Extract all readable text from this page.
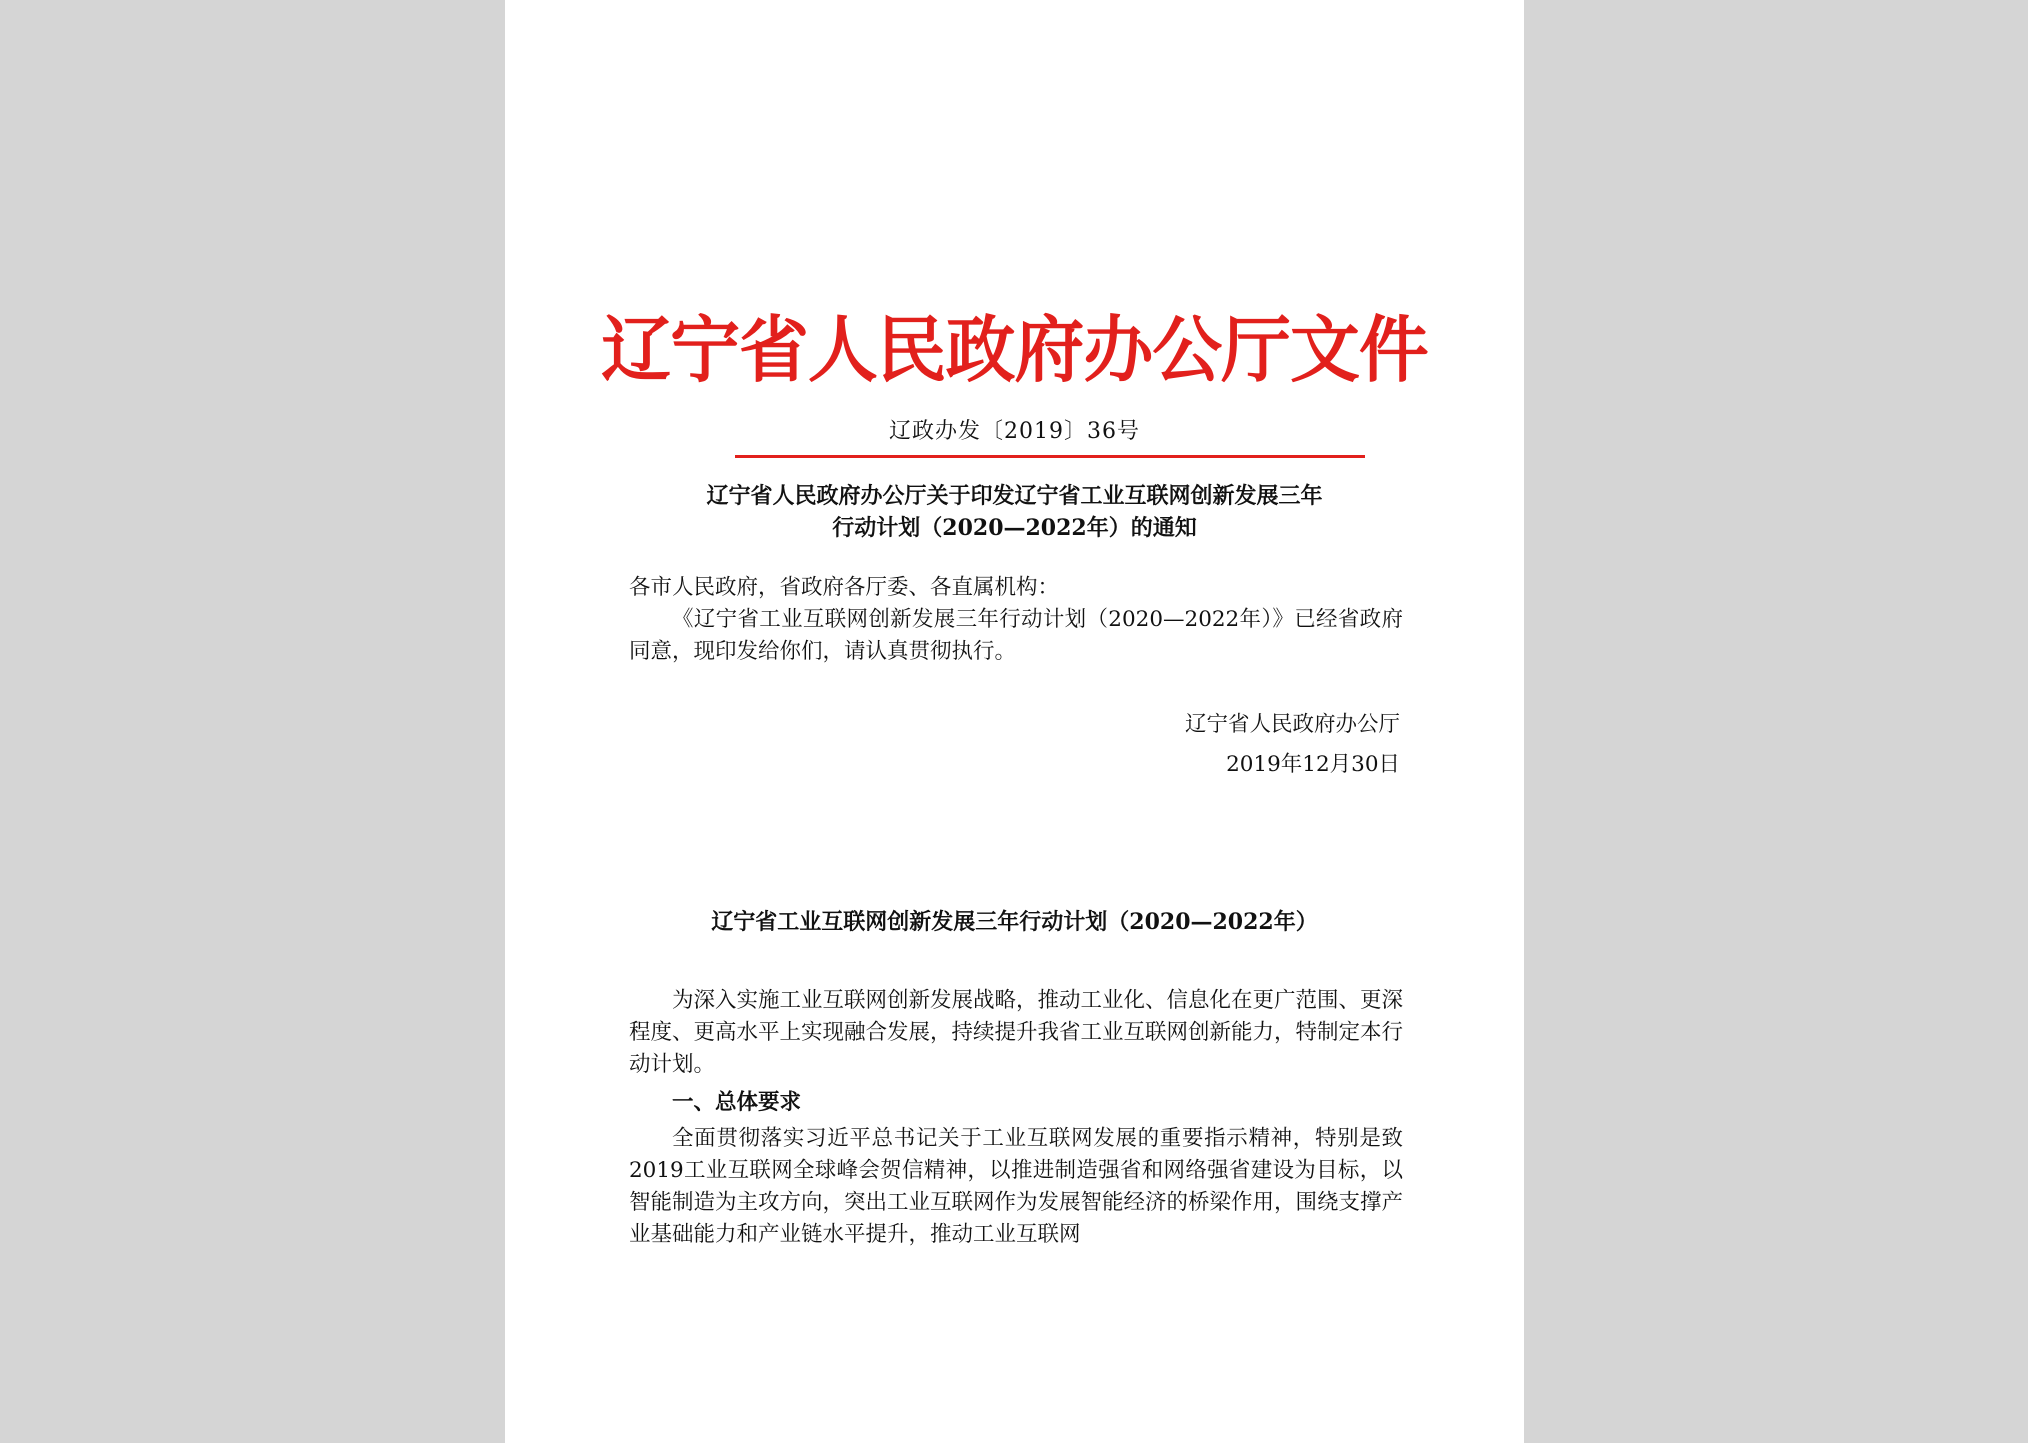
辽宁省人民政府办公厅文件
辽政办发〔2019〕36号
辽宁省人民政府办公厅关于印发辽宁省工业互联网创新发展三年
行动计划（2020—2022年）的通知

各市人民政府，省政府各厅委、各直属机构：

《辽宁省工业互联网创新发展三年行动计划（2020—2022年）》已经省政府同意，现印发给你们，请认真贯彻执行。

辽宁省人民政府办公厅
2019年12月30日
辽宁省工业互联网创新发展三年行动计划（2020—2022年）

为深入实施工业互联网创新发展战略，推动工业化、信息化在更广范围、更深程度、更高水平上实现融合发展，持续提升我省工业互联网创新能力，特制定本行动计划。

一、总体要求

全面贯彻落实习近平总书记关于工业互联网发展的重要指示精神，特别是致2019工业互联网全球峰会贺信精神，以推进制造强省和网络强省建设为目标，以智能制造为主攻方向，突出工业互联网作为发展智能经济的桥梁作用，围绕支撑产业基础能力和产业链水平提升，推动工业互联网
